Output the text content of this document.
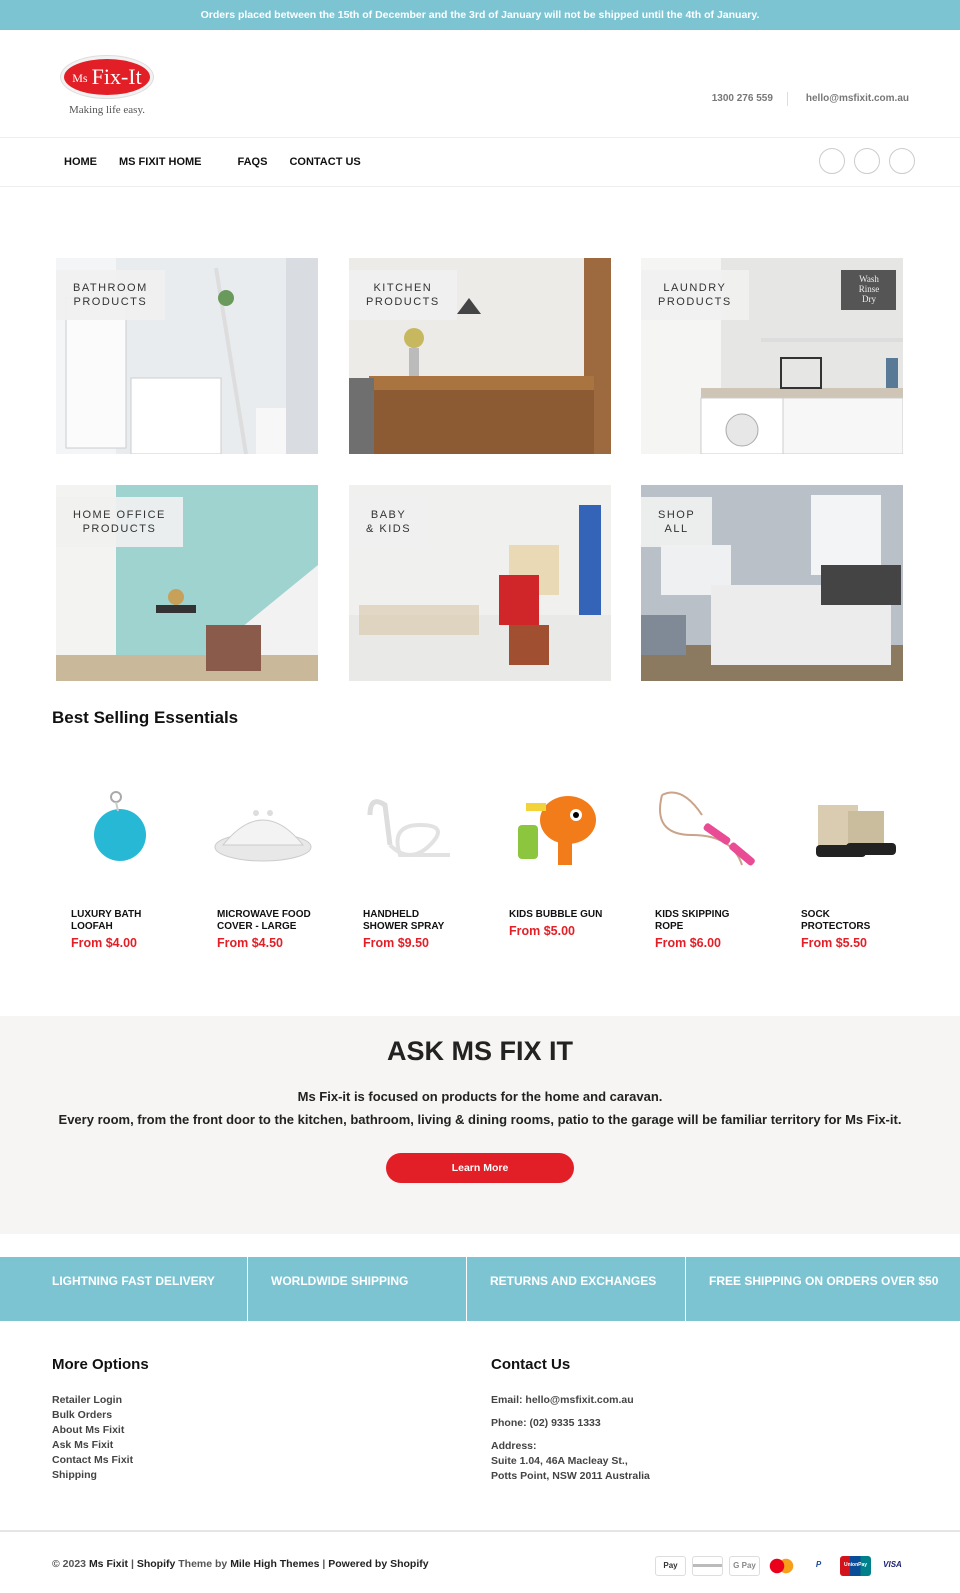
Orders placed between the 15th of December and the 3rd of January will not be shipped until the 4th of January.
Ms Fix-It
Making life easy.
1300 276 559	hello@msfixit.com.au
HOME MS FIXIT HOME	FAQS CONTACT US
BATHROOM
PRODUCTS
KITCHEN
PRODUCTS
Wash
Rinse
Dry
LAUNDRY
PRODUCTS
HOME OFFICE
PRODUCTS
BABY
& KIDS
SHOP
ALL
Best Selling Essentials
LUXURY BATH LOOFAH
From $4.00
MICROWAVE FOOD COVER - LARGE
From $4.50
HANDHELD SHOWER SPRAY
From $9.50
KIDS BUBBLE GUN
From $5.00
KIDS SKIPPING ROPE
From $6.00
SOCK PROTECTORS
From $5.50
ASK MS FIX IT

Ms Fix-it is focused on products for the home and caravan.

Every room, from the front door to the kitchen, bathroom, living & dining rooms, patio to the garage will be familiar territory for Ms Fix-it.

Learn More
LIGHTNING FAST DELIVERY	WORLDWIDE SHIPPING	RETURNS AND EXCHANGES	FREE SHIPPING ON ORDERS OVER $50
More Options
Retailer Login
Bulk Orders
About Ms Fixit
Ask Ms Fixit
Contact Ms Fixit
Shipping
Contact Us
Email: hello@msfixit.com.au
Phone: (02) 9335 1333
Address:
Suite 1.04, 46A Macleay St.,
Potts Point, NSW 2011 Australia
© 2023 Ms Fixit | Shopify Theme by Mile High Themes | Powered by Shopify	Pay	G Pay	P	UnionPay	VISA
